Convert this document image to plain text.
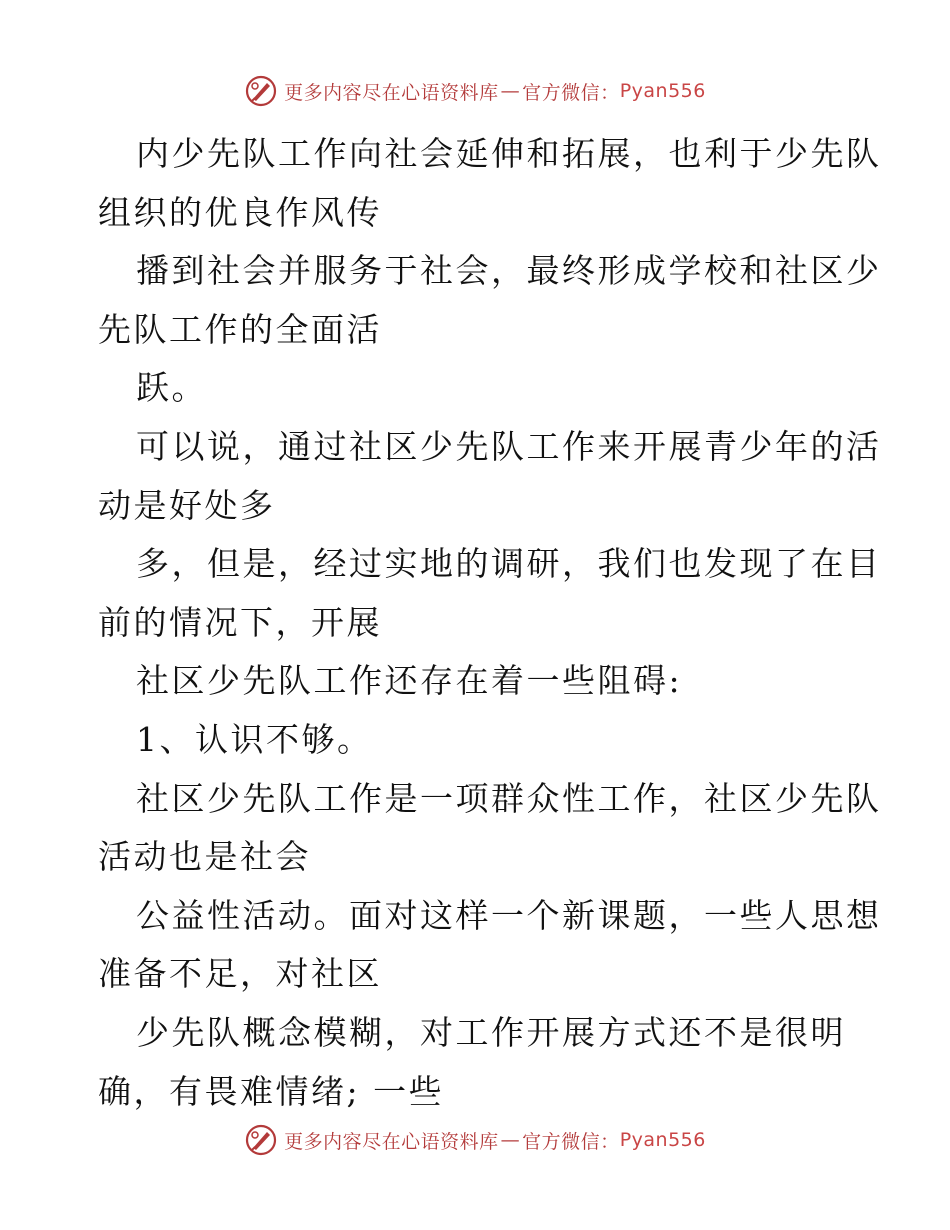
更多内容尽在心语资料库 — 官方微信： Pyan556
内少先队工作向社会延伸和拓展，也利于少先队
组织的优良作风传
播到社会并服务于社会，最终形成学校和社区少
先队工作的全面活
跃。
可以说，通过社区少先队工作来开展青少年的活
动是好处多
多，但是，经过实地的调研，我们也发现了在目
前的情况下，开展
社区少先队工作还存在着一些阻碍:
1、认识不够。
社区少先队工作是一项群众性工作，社区少先队
活动也是社会
公益性活动。面对这样一个新课题，一些人思想
准备不足，对社区
少先队概念模糊，对工作开展方式还不是很明
确，有畏难情绪; 一些
更多内容尽在心语资料库 — 官方微信： Pyan556
